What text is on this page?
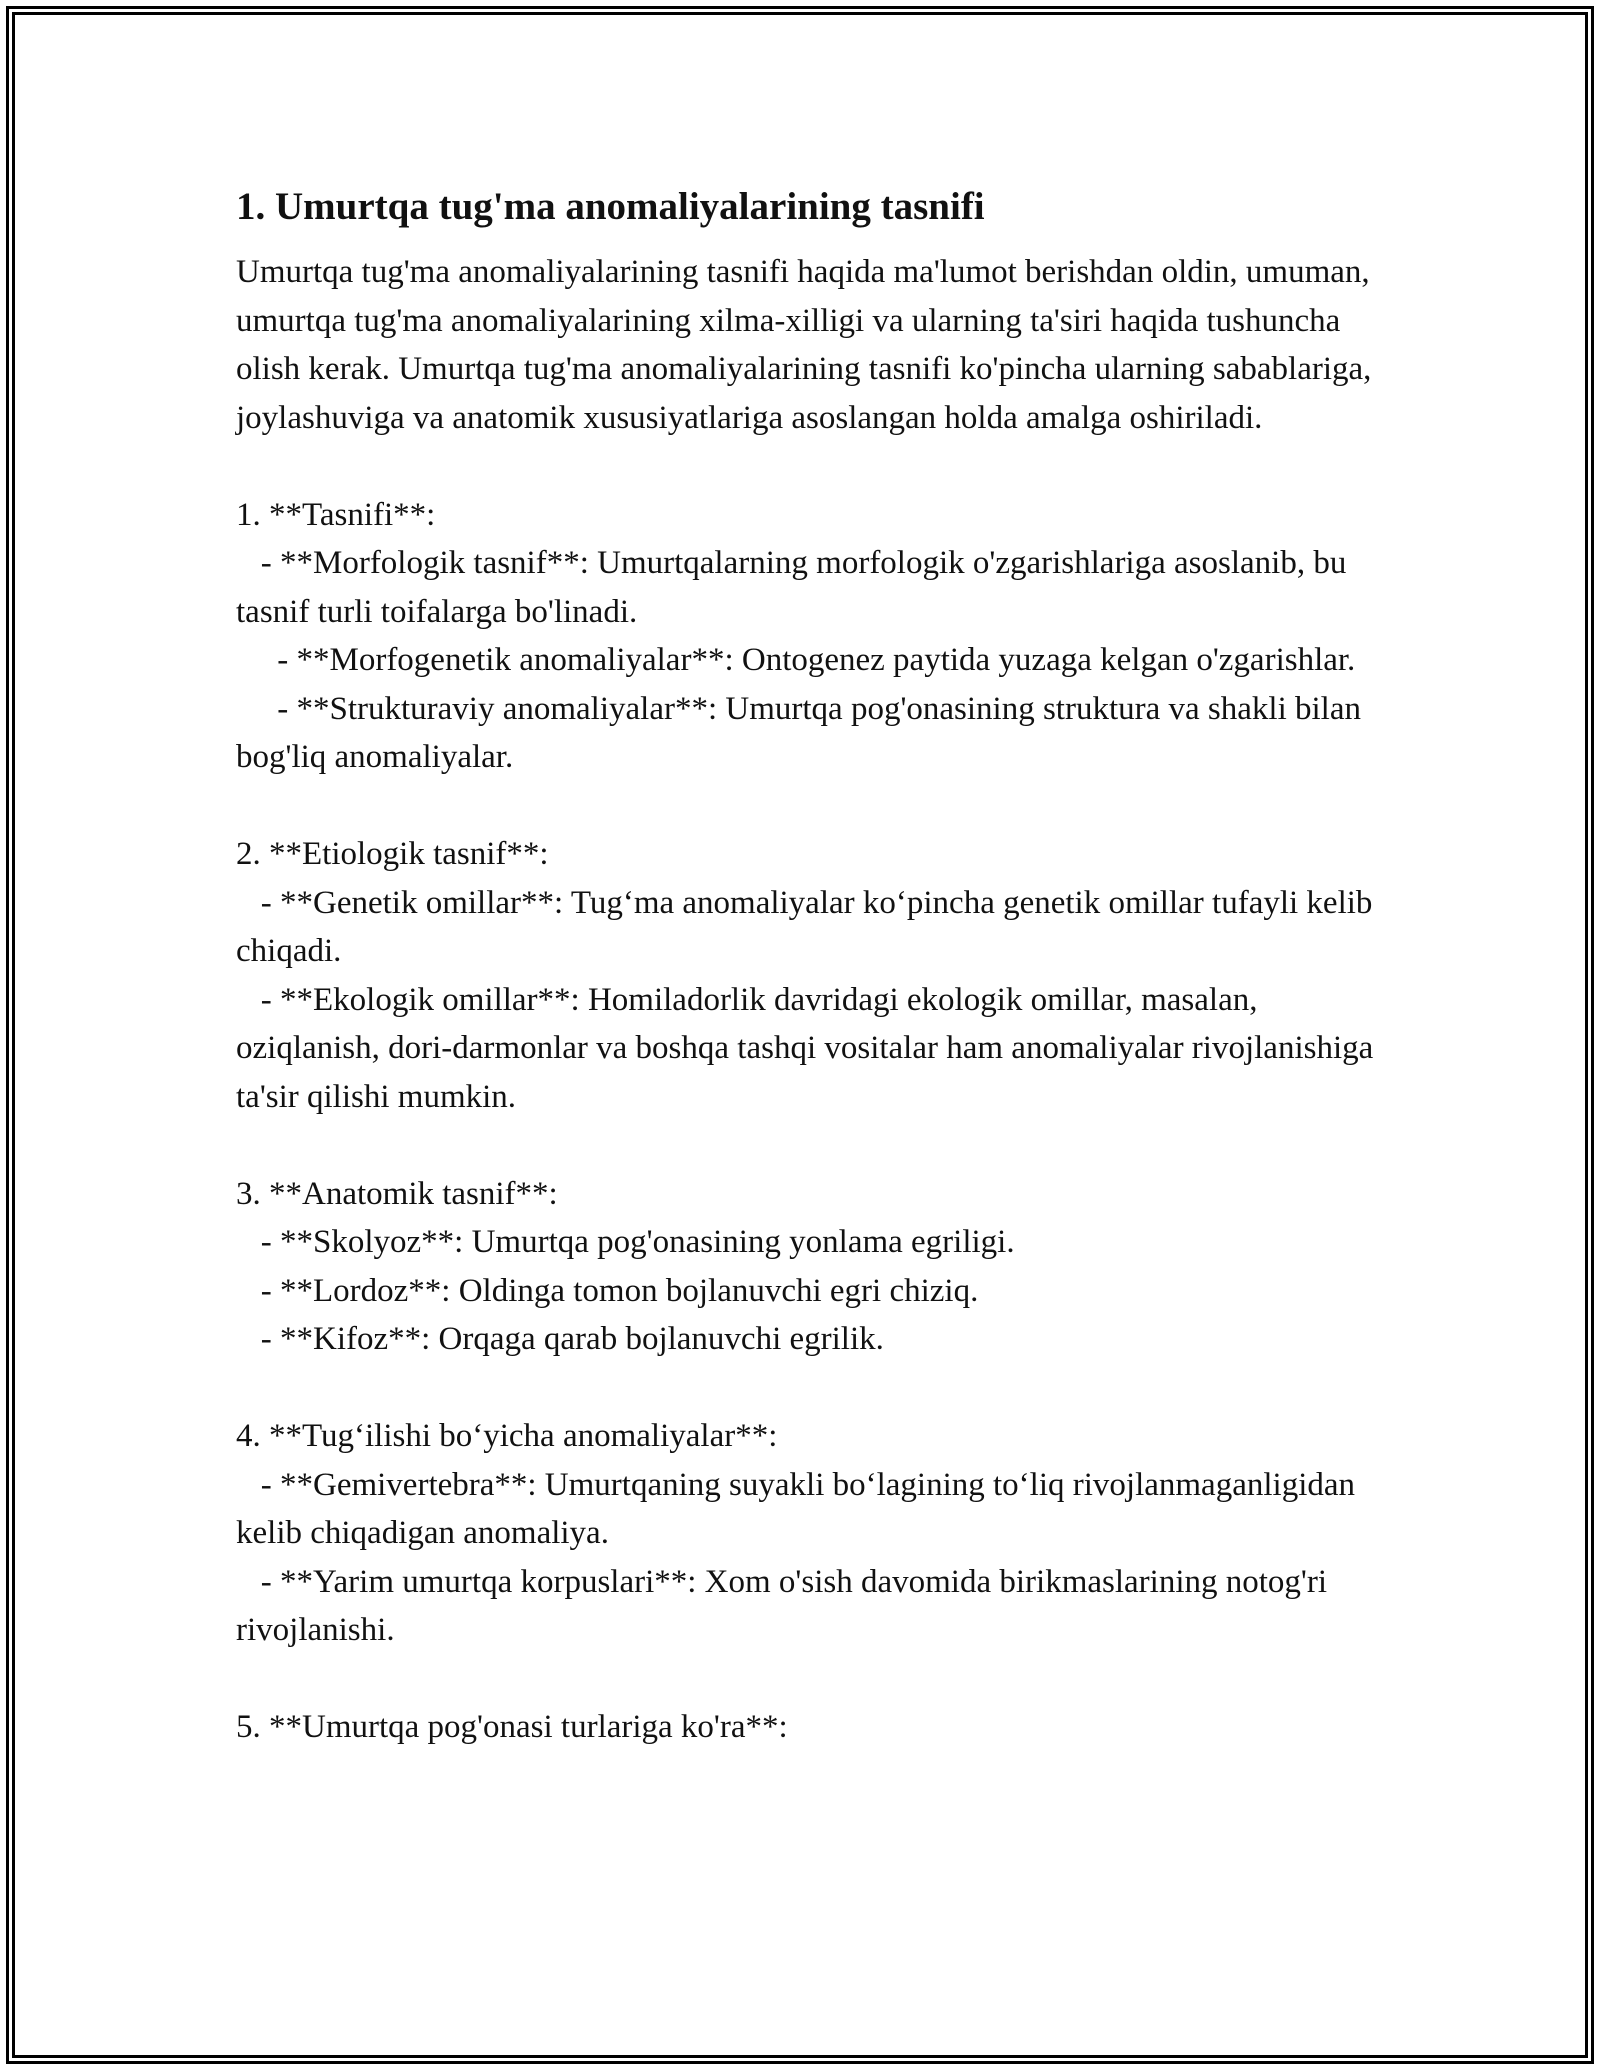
1. Umurtqa tug'ma anomaliyalarining tasnifi

Umurtqa tug'ma anomaliyalarining tasnifi haqida ma'lumot berishdan oldin, umuman, umurtqa tug'ma anomaliyalarining xilma-xilligi va ularning ta'siri haqida tushuncha olish kerak. Umurtqa tug'ma anomaliyalarining tasnifi ko'pincha ularning sabablariga, joylashuviga va anatomik xususiyatlariga asoslangan holda amalga oshiriladi.

1. **Tasnifi**:

- **Morfologik tasnif**: Umurtqalarning morfologik o'zgarishlariga asoslanib, bu tasnif turli toifalarga bo'linadi.

- **Morfogenetik anomaliyalar**: Ontogenez paytida yuzaga kelgan o'zgarishlar.

- **Strukturaviy anomaliyalar**: Umurtqa pog'onasining struktura va shakli bilan bog'liq anomaliyalar.

2. **Etiologik tasnif**:

- **Genetik omillar**: Tug‘ma anomaliyalar ko‘pincha genetik omillar tufayli kelib chiqadi.

- **Ekologik omillar**: Homiladorlik davridagi ekologik omillar, masalan, oziqlanish, dori-darmonlar va boshqa tashqi vositalar ham anomaliyalar rivojlanishiga ta'sir qilishi mumkin.

3. **Anatomik tasnif**:

- **Skolyoz**: Umurtqa pog'onasining yonlama egriligi.

- **Lordoz**: Oldinga tomon bojlanuvchi egri chiziq.

- **Kifoz**: Orqaga qarab bojlanuvchi egrilik.

4. **Tug‘ilishi bo‘yicha anomaliyalar**:

- **Gemivertebra**: Umurtqaning suyakli bo‘lagining to‘liq rivojlanmaganligidan kelib chiqadigan anomaliya.

- **Yarim umurtqa korpuslari**: Xom o'sish davomida birikmaslarining notog'ri rivojlanishi.

5. **Umurtqa pog'onasi turlariga ko'ra**:
